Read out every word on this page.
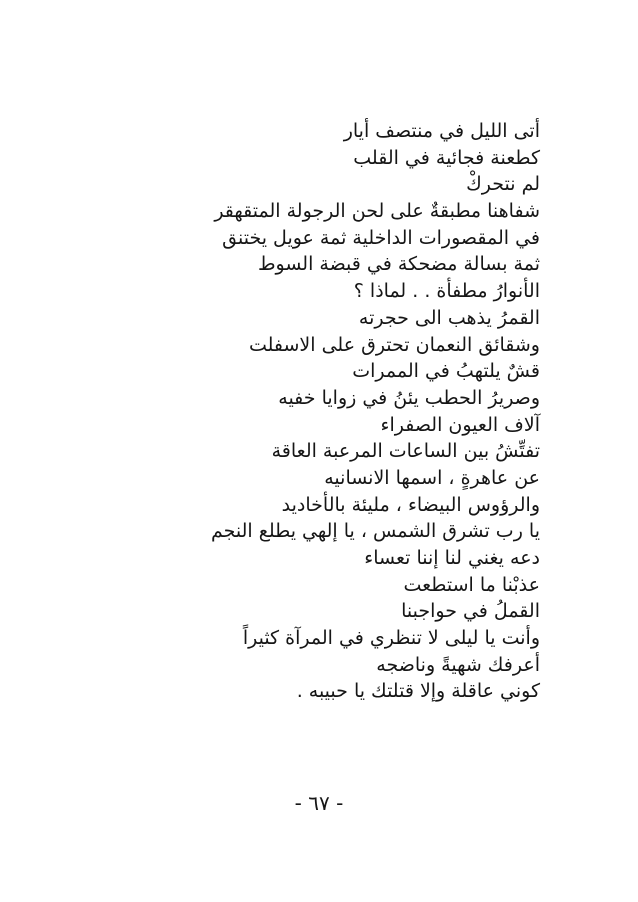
أتى الليل في منتصف أيار
كطعنة فجائية في القلب
لم نتحركْ
شفاهنا مطبقةٌ على لحن الرجولة المتقهقر
في المقصورات الداخلية ثمة عويل يختنق
ثمة بسالة مضحكة في قبضة السوط
الأنوارُ مطفأة . . لماذا ؟
القمرُ يذهب الى حجرته
وشقائق النعمان تحترق على الاسفلت
قشٌ يلتهبُ في الممرات
وصريرُ الحطب يئنُ في زوايا خفيه
آلاف العيون الصفراء
تفتِّشُ بين الساعات المرعبة العاقة
عن عاهرةٍ ، اسمها الانسانيه
والرؤوس البيضاء ، مليئة بالأخاديد
يا رب تشرق الشمس ، يا إلهي يطلع النجم
دعه يغني لنا إننا تعساء
عذبْنا ما استطعت
القملُ في حواجبنا
وأنت يا ليلى لا تنظري في المرآة كثيراً
أعرفك شهيةً وناضجه
كوني عاقلة وإلا قتلتك يا حبيبه .
- ٦٧ -
